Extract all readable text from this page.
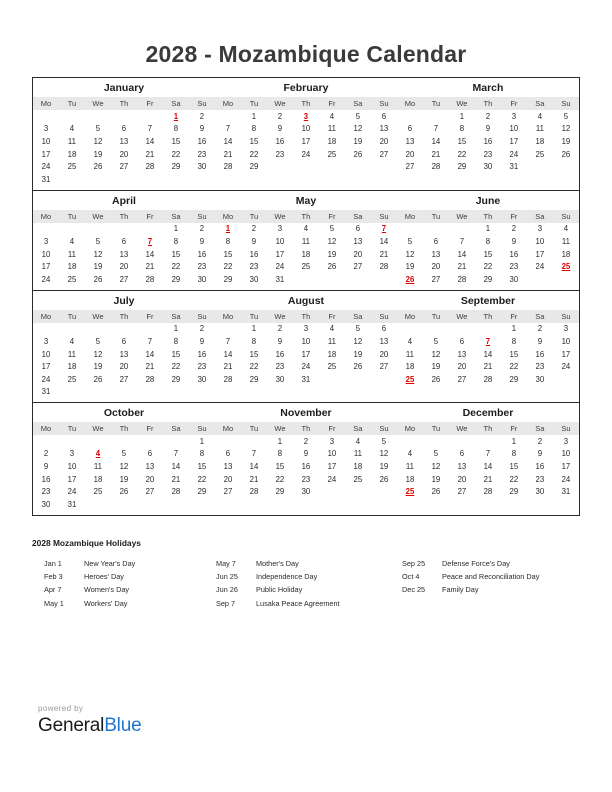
2028 - Mozambique Calendar
January
Mo	Tu	We	Th	Fr	Sa	Su
					1	2
3	4	5	6	7	8	9
10	11	12	13	14	15	16
17	18	19	20	21	22	23
24	25	26	27	28	29	30
31						
February
Mo	Tu	We	Th	Fr	Sa	Su
	1	2	3	4	5	6
7	8	9	10	11	12	13
14	15	16	17	18	19	20
21	22	23	24	25	26	27
28	29					

March
Mo	Tu	We	Th	Fr	Sa	Su
		1	2	3	4	5
6	7	8	9	10	11	12
13	14	15	16	17	18	19
20	21	22	23	24	25	26
27	28	29	30	31		

April
Mo	Tu	We	Th	Fr	Sa	Su
					1	2
3	4	5	6	7	8	9
10	11	12	13	14	15	16
17	18	19	20	21	22	23
24	25	26	27	28	29	30
May
Mo	Tu	We	Th	Fr	Sa	Su
1	2	3	4	5	6	7
8	9	10	11	12	13	14
15	16	17	18	19	20	21
22	23	24	25	26	27	28
29	30	31				
June
Mo	Tu	We	Th	Fr	Sa	Su
			1	2	3	4
5	6	7	8	9	10	11
12	13	14	15	16	17	18
19	20	21	22	23	24	25
26	27	28	29	30		
July
Mo	Tu	We	Th	Fr	Sa	Su
					1	2
3	4	5	6	7	8	9
10	11	12	13	14	15	16
17	18	19	20	21	22	23
24	25	26	27	28	29	30
31						
August
Mo	Tu	We	Th	Fr	Sa	Su
	1	2	3	4	5	6
7	8	9	10	11	12	13
14	15	16	17	18	19	20
21	22	23	24	25	26	27
28	29	30	31			

September
Mo	Tu	We	Th	Fr	Sa	Su
				1	2	3
4	5	6	7	8	9	10
11	12	13	14	15	16	17
18	19	20	21	22	23	24
25	26	27	28	29	30	

October
Mo	Tu	We	Th	Fr	Sa	Su
						1
2	3	4	5	6	7	8
9	10	11	12	13	14	15
16	17	18	19	20	21	22
23	24	25	26	27	28	29
30	31					
November
Mo	Tu	We	Th	Fr	Sa	Su
		1	2	3	4	5
6	7	8	9	10	11	12
13	14	15	16	17	18	19
20	21	22	23	24	25	26
27	28	29	30			

December
Mo	Tu	We	Th	Fr	Sa	Su
				1	2	3
4	5	6	7	8	9	10
11	12	13	14	15	16	17
18	19	20	21	22	23	24
25	26	27	28	29	30	31

2028 Mozambique Holidays
Jan 1	New Year's Day
Feb 3	Heroes' Day
Apr 7	Women's Day
May 1	Workers' Day
May 7	Mother's Day
Jun 25	Independence Day
Jun 26	Public Holiday
Sep 7	Lusaka Peace Agreement
Sep 25	Defense Force's Day
Oct 4	Peace and Reconciliation Day
Dec 25	Family Day
powered by
GeneralBlue
